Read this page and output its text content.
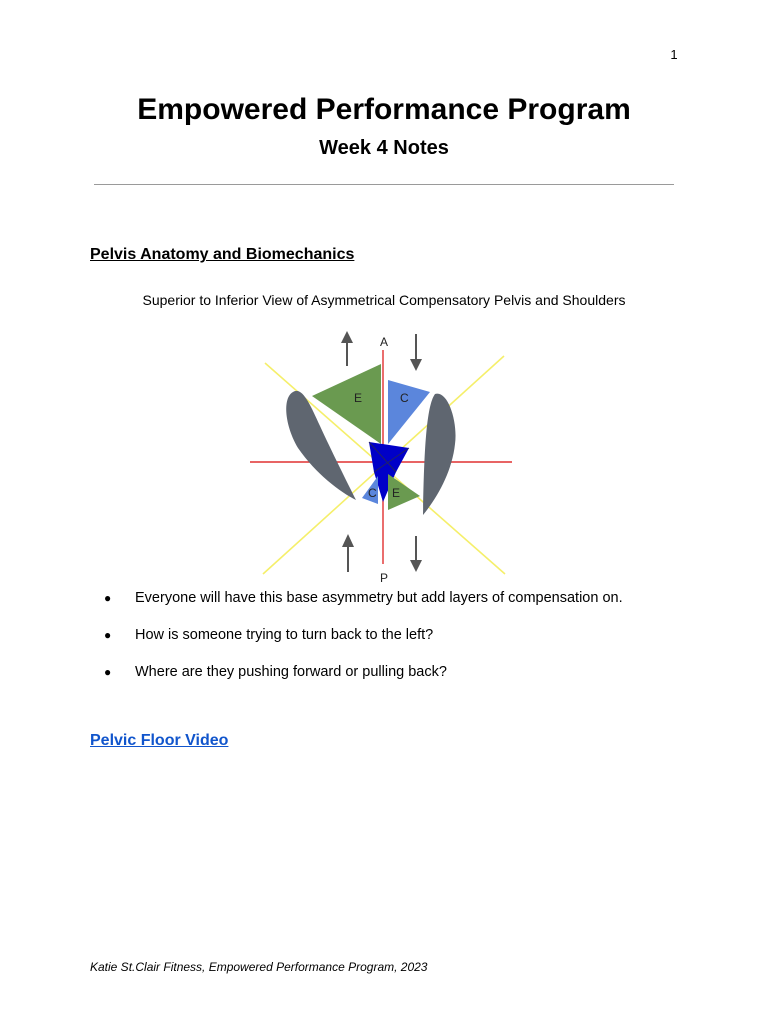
1
Empowered Performance Program
Week 4 Notes
Pelvis Anatomy and Biomechanics
Superior to Inferior View of Asymmetrical Compensatory Pelvis and Shoulders
A
P
E	C
C E
● Everyone will have this base asymmetry but add layers of compensation on.
● How is someone trying to turn back to the left?
● Where are they pushing forward or pulling back?
Pelvic Floor Video
Katie St.Clair Fitness, Empowered Performance Program, 2023
